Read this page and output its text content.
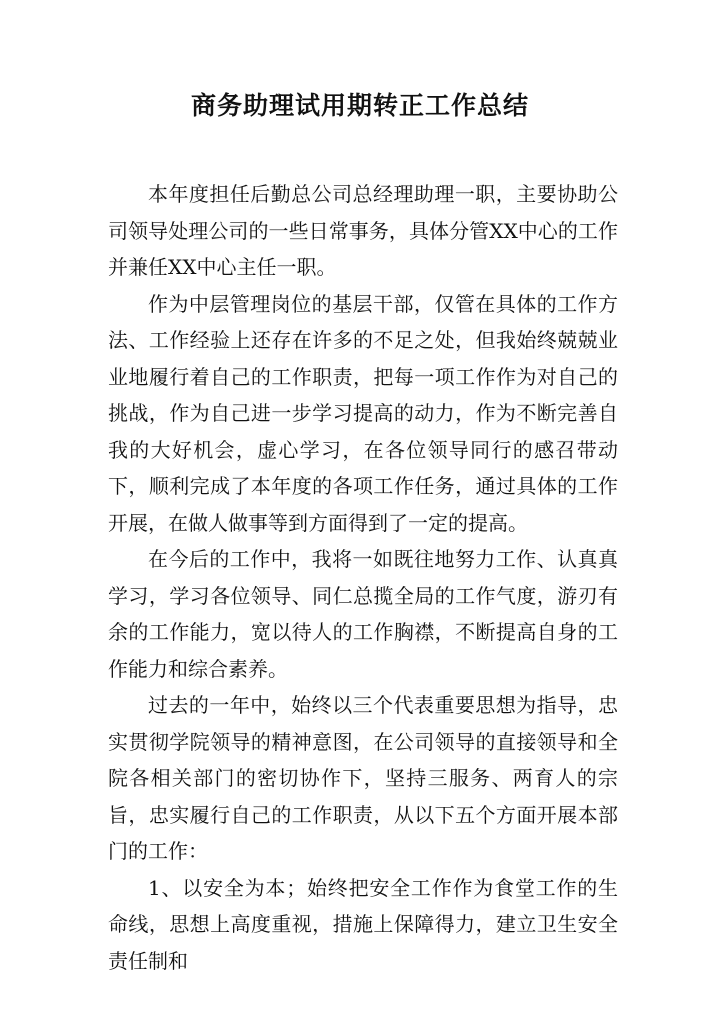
商务助理试用期转正工作总结

本年度担任后勤总公司总经理助理一职，主要协助公司领导处理公司的一些日常事务，具体分管XX中心的工作并兼任XX中心主任一职。

作为中层管理岗位的基层干部，仅管在具体的工作方法、工作经验上还存在许多的不足之处，但我始终兢兢业业地履行着自己的工作职责，把每一项工作作为对自己的挑战，作为自己进一步学习提高的动力，作为不断完善自我的大好机会，虚心学习，在各位领导同行的感召带动下，顺利完成了本年度的各项工作任务，通过具体的工作开展，在做人做事等到方面得到了一定的提高。

在今后的工作中，我将一如既往地努力工作、认真真学习，学习各位领导、同仁总揽全局的工作气度，游刃有余的工作能力，宽以待人的工作胸襟，不断提高自身的工作能力和综合素养。

过去的一年中，始终以三个代表重要思想为指导，忠实贯彻学院领导的精神意图，在公司领导的直接领导和全院各相关部门的密切协作下，坚持三服务、两育人的宗旨，忠实履行自己的工作职责，从以下五个方面开展本部门的工作：

1、以安全为本；始终把安全工作作为食堂工作的生命线，思想上高度重视，措施上保障得力，建立卫生安全责任制和
